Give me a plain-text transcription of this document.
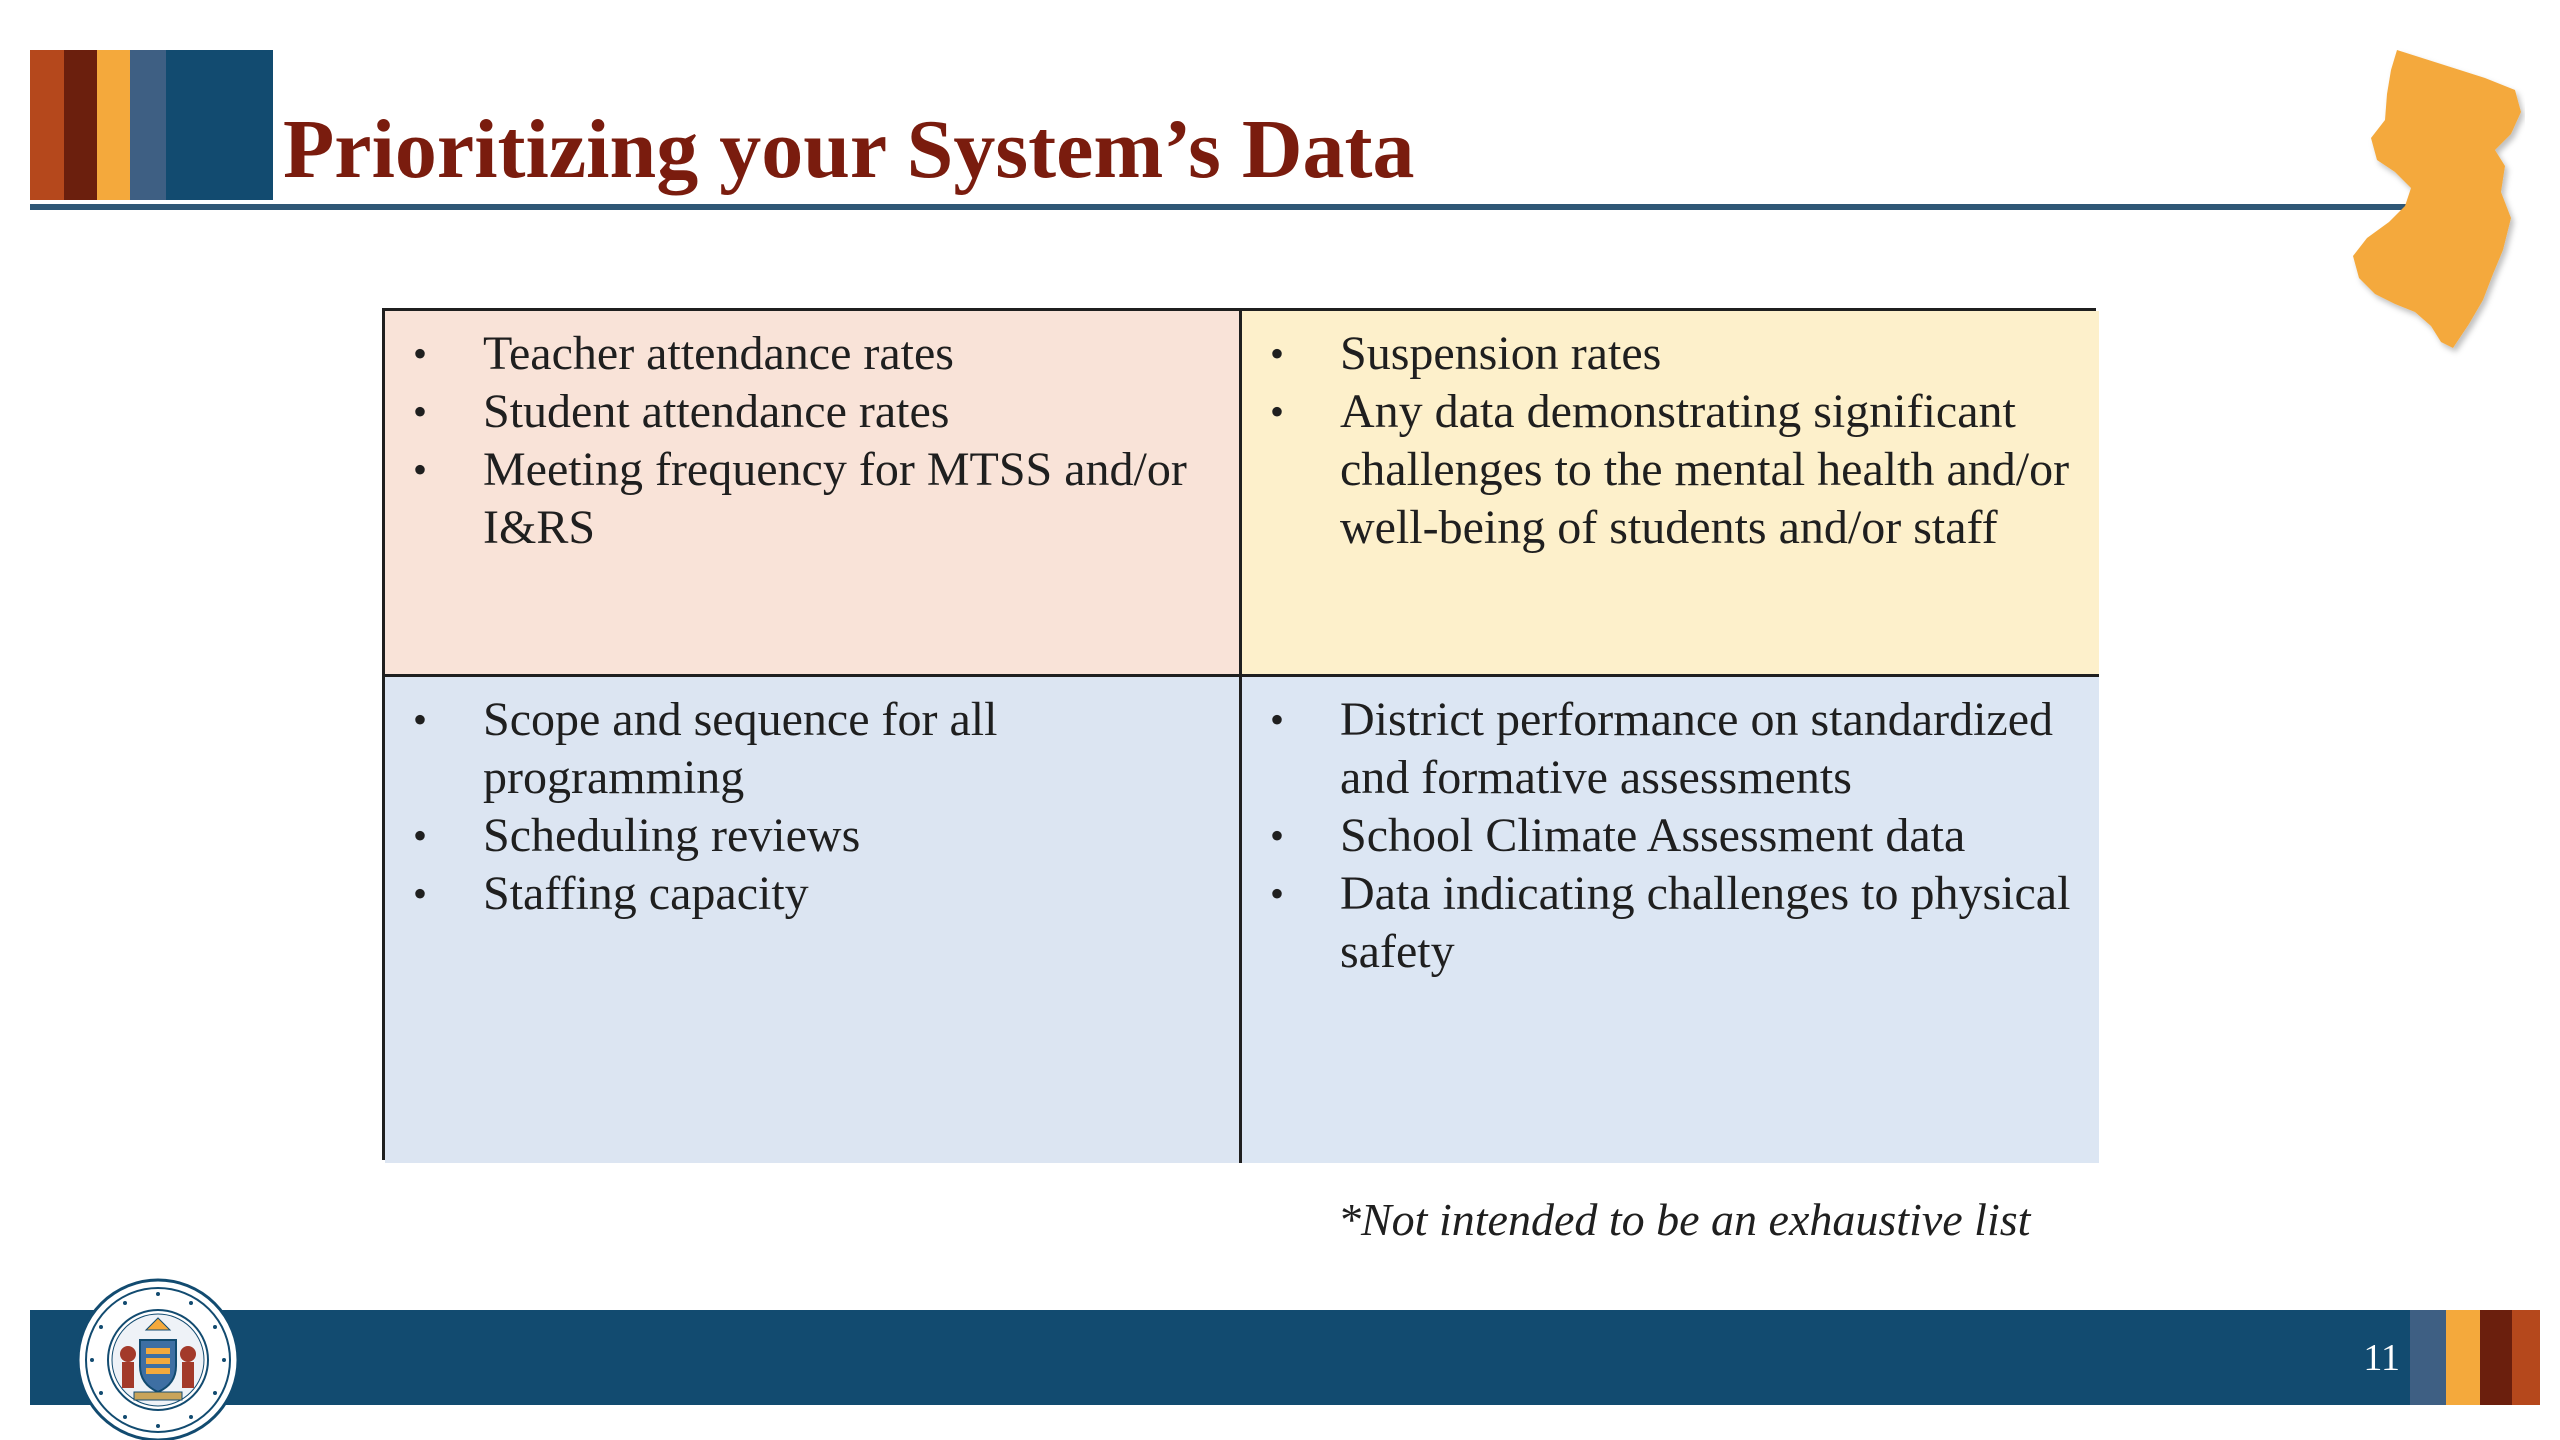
Prioritizing your System’s Data
•	Teacher attendance rates
•	Student attendance rates
•	Meeting frequency for MTSS and/or I&RS
•	Suspension rates
•	Any data demonstrating significant challenges to the mental health and/or well-being of students and/or staff
•	Scope and sequence for all programming
•	Scheduling reviews
•	Staffing capacity
•	District performance on standardized and formative assessments
•	School Climate Assessment data
•	Data indicating challenges to physical safety
*Not intended to be an exhaustive list
11
